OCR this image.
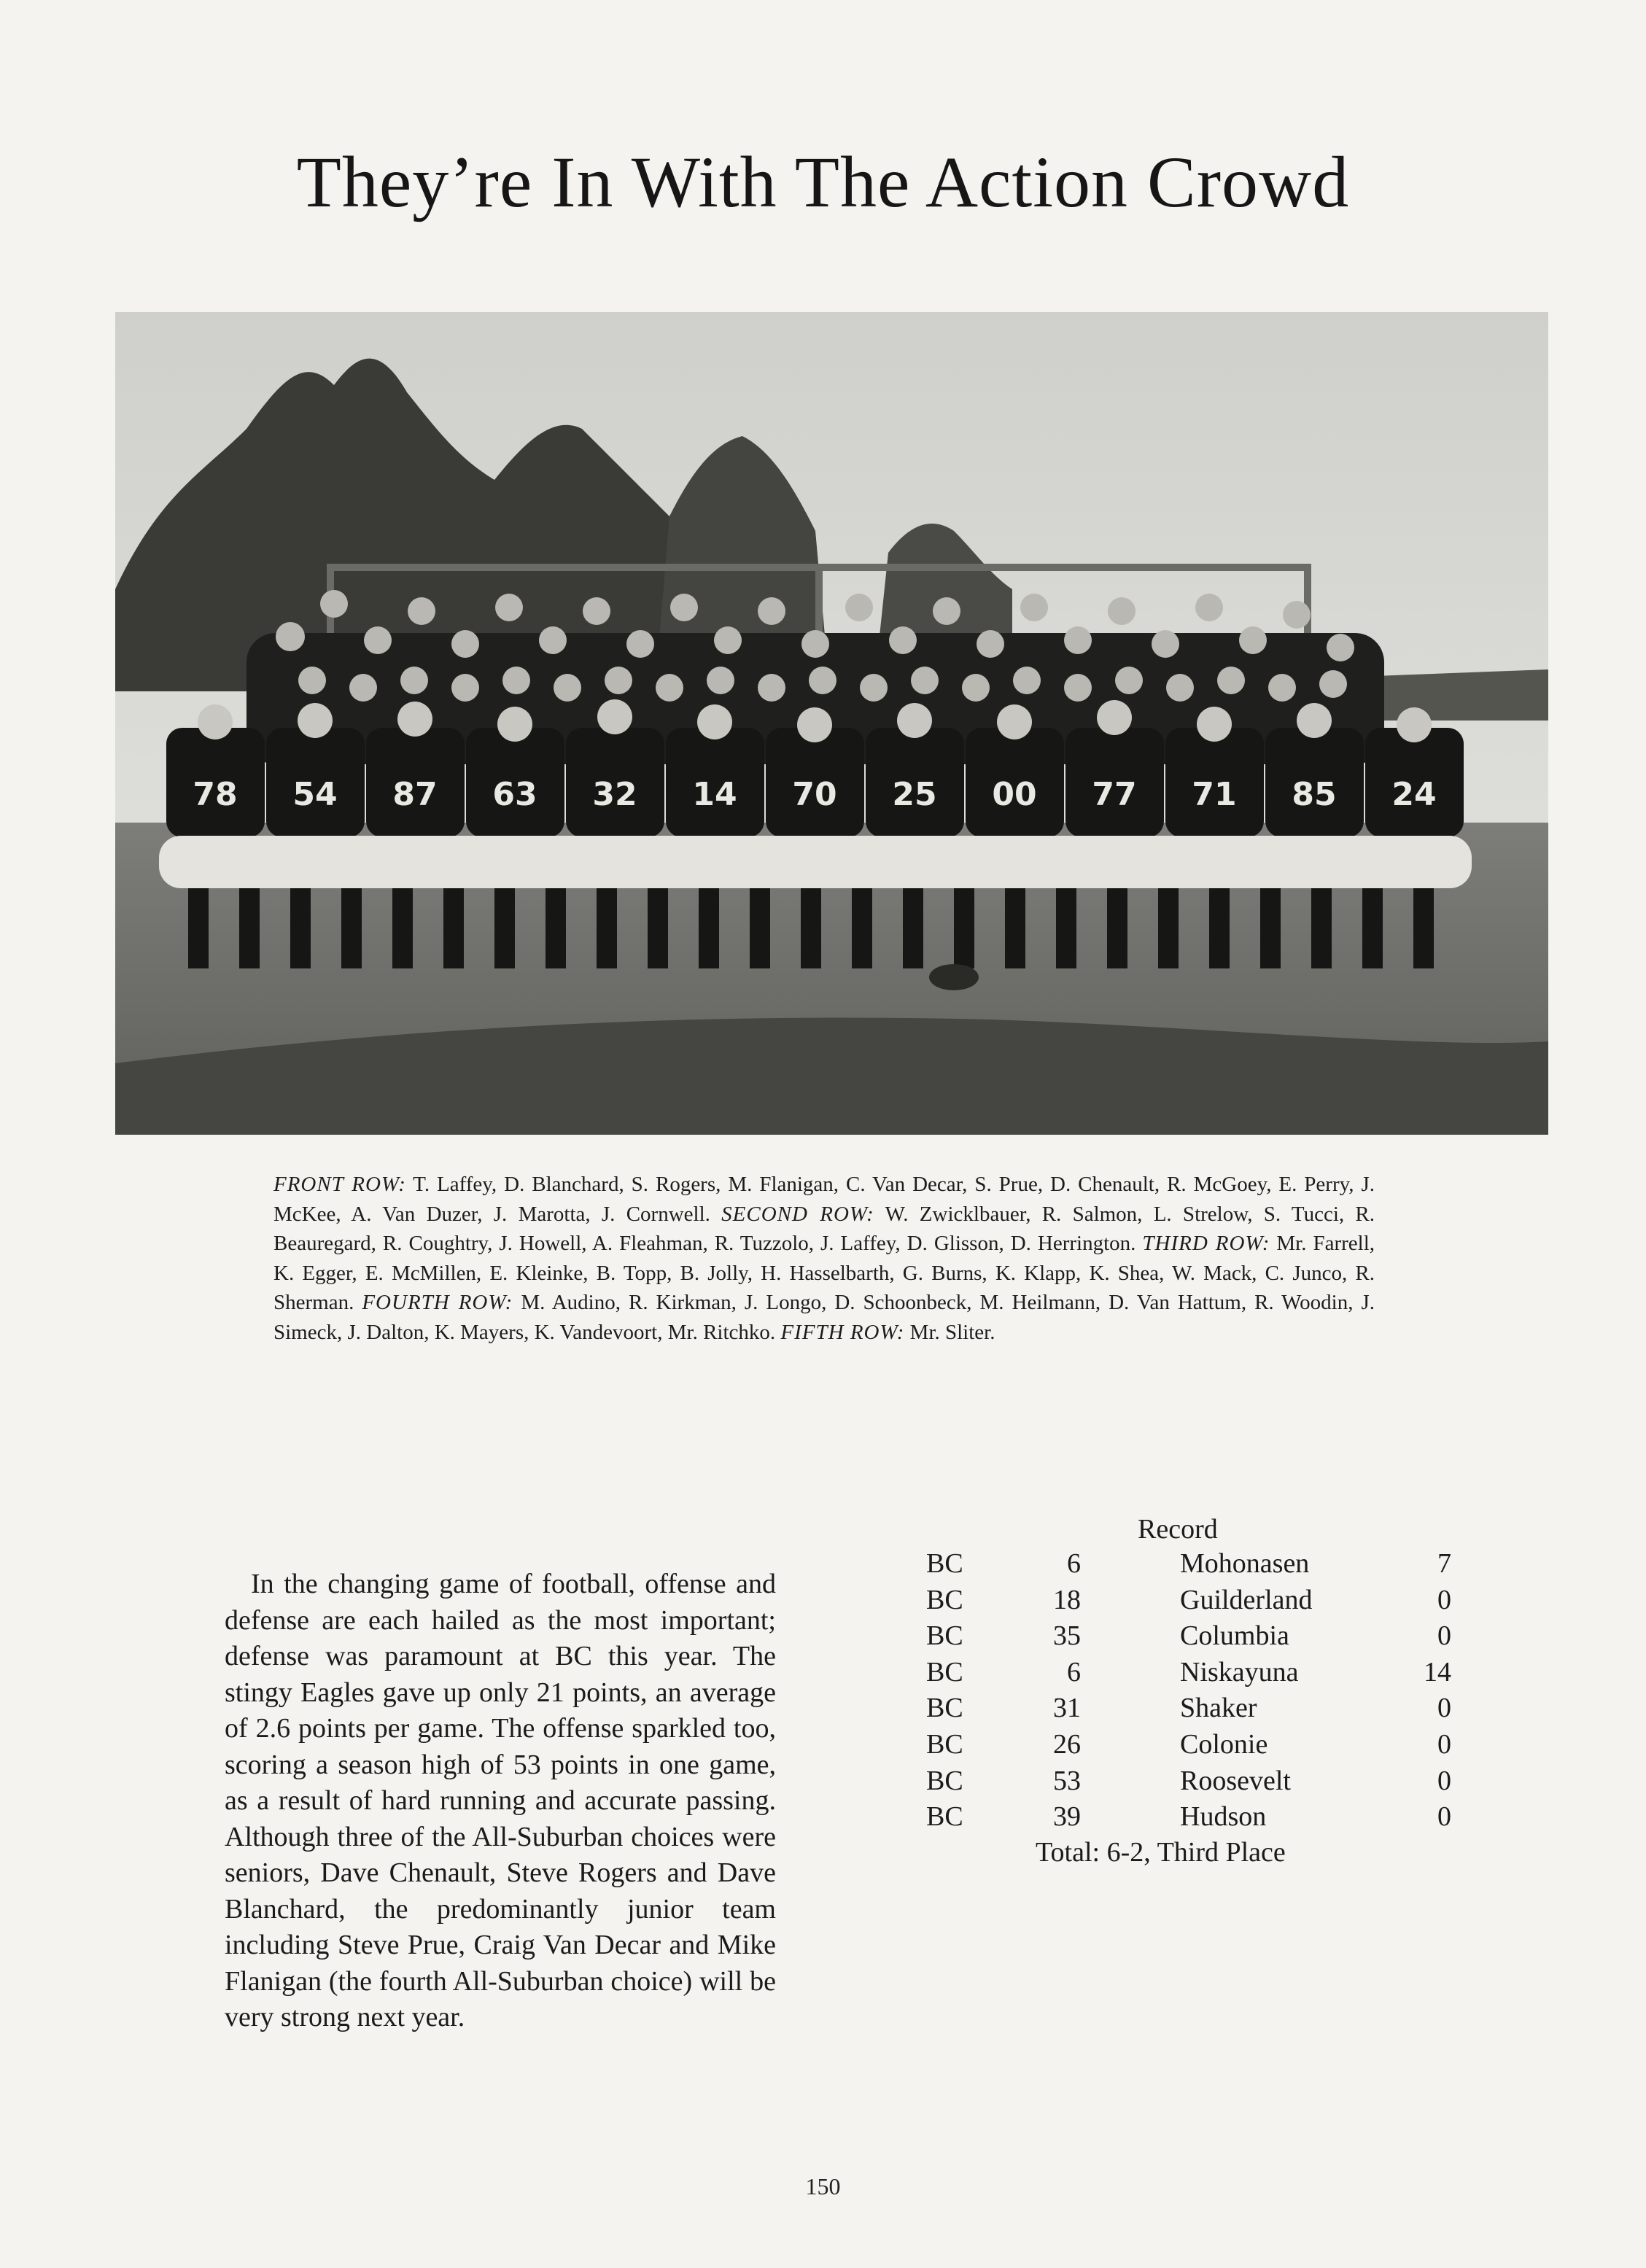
They’re In With The Action Crowd
78 54 87 63 32 14 70 25 00 77 71 85 24
FRONT ROW: T. Laffey, D. Blanchard, S. Rogers, M. Flanigan, C. Van Decar, S. Prue, D. Chenault, R. McGoey, E. Perry, J. McKee, A. Van Duzer, J. Marotta, J. Cornwell. SECOND ROW: W. Zwicklbauer, R. Salmon, L. Strelow, S. Tucci, R. Beauregard, R. Coughtry, J. Howell, A. Fleahman, R. Tuzzolo, J. Laffey, D. Glisson, D. Herrington. THIRD ROW: Mr. Farrell, K. Egger, E. McMillen, E. Kleinke, B. Topp, B. Jolly, H. Hasselbarth, G. Burns, K. Klapp, K. Shea, W. Mack, C. Junco, R. Sherman. FOURTH ROW: M. Audino, R. Kirkman, J. Longo, D. Schoonbeck, M. Heilmann, D. Van Hattum, R. Woodin, J. Simeck, J. Dalton, K. Mayers, K. Vandevoort, Mr. Ritchko. FIFTH ROW: Mr. Sliter.
In the changing game of football, offense and defense are each hailed as the most important; defense was paramount at BC this year. The stingy Eagles gave up only 21 points, an average of 2.6 points per game. The offense sparkled too, scoring a season high of 53 points in one game, as a result of hard running and accurate passing. Although three of the All-Suburban choices were seniors, Dave Chenault, Steve Rogers and Dave Blanchard, the predominantly junior team including Steve Prue, Craig Van Decar and Mike Flanigan (the fourth All-Suburban choice) will be very strong next year.
Record
BC	6	Mohonasen	7
BC	18	Guilderland	0
BC	35	Columbia	0
BC	6	Niskayuna	14
BC	31	Shaker	0
BC	26	Colonie	0
BC	53	Roosevelt	0
BC	39	Hudson	0
Total: 6-2, Third Place
150
